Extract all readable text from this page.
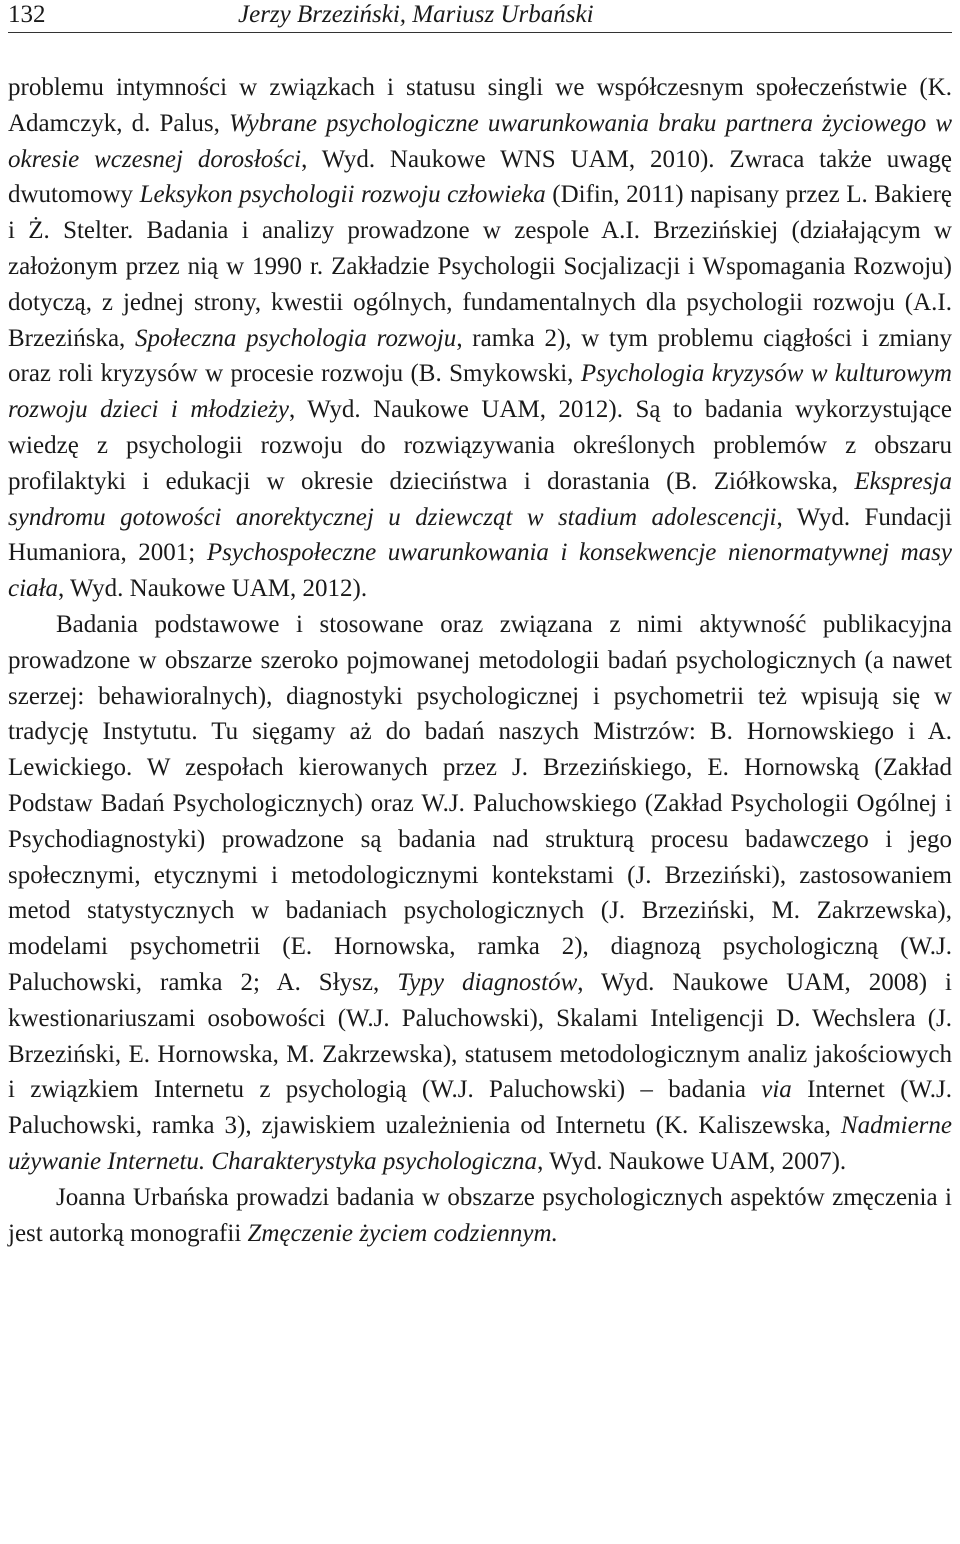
132	Jerzy Brzeziński, Mariusz Urbański

problemu intymności w związkach i statusu singli we współczesnym społeczeństwie (K. Adamczyk, d. Palus, Wybrane psychologiczne uwarunkowania braku partnera życiowego w okresie wczesnej dorosłości, Wyd. Naukowe WNS UAM, 2010). Zwraca także uwagę dwutomowy Leksykon psychologii rozwoju człowieka (Difin, 2011) napisany przez L. Bakierę i Ż. Stelter. Badania i analizy prowadzone w zespole A.I. Brzezińskiej (działającym w założonym przez nią w 1990 r. Zakładzie Psychologii Socjalizacji i Wspomagania Rozwoju) dotyczą, z jednej strony, kwestii ogólnych, fundamentalnych dla psychologii rozwoju (A.I. Brzezińska, Społeczna psychologia rozwoju, ramka 2), w tym problemu ciągłości i zmiany oraz roli kryzysów w procesie rozwoju (B. Smykowski, Psychologia kryzysów w kulturowym rozwoju dzieci i młodzieży, Wyd. Naukowe UAM, 2012). Są to badania wykorzystujące wiedzę z psychologii rozwoju do rozwiązywania określonych problemów z obszaru profilaktyki i edukacji w okresie dzieciństwa i dorastania (B. Ziółkowska, Ekspresja syndromu gotowości anorektycznej u dziewcząt w stadium adolescencji, Wyd. Fundacji Humaniora, 2001; Psychospołeczne uwarunkowania i konsekwencje nienormatywnej masy ciała, Wyd. Naukowe UAM, 2012).

Badania podstawowe i stosowane oraz związana z nimi aktywność publikacyjna prowadzone w obszarze szeroko pojmowanej metodologii badań psychologicznych (a nawet szerzej: behawioralnych), diagnostyki psychologicznej i psychometrii też wpisują się w tradycję Instytutu. Tu sięgamy aż do badań naszych Mistrzów: B. Hornowskiego i A. Lewickiego. W zespołach kierowanych przez J. Brzezińskiego, E. Hornowską (Zakład Podstaw Badań Psychologicznych) oraz W.J. Paluchowskiego (Zakład Psychologii Ogólnej i Psychodiagnostyki) prowadzone są badania nad strukturą procesu badawczego i jego społecznymi, etycznymi i metodologicznymi kontekstami (J. Brzeziński), zastosowaniem metod statystycznych w badaniach psychologicznych (J. Brzeziński, M. Zakrzewska), modelami psychometrii (E. Hornowska, ramka 2), diagnozą psychologiczną (W.J. Paluchowski, ramka 2; A. Słysz, Typy diagnostów, Wyd. Naukowe UAM, 2008) i kwestionariuszami osobowości (W.J. Paluchowski), Skalami Inteligencji D. Wechslera (J. Brzeziński, E. Hornowska, M. Zakrzewska), statusem metodologicznym analiz jakościowych i związkiem Internetu z psychologią (W.J. Paluchowski) – badania via Internet (W.J. Paluchowski, ramka 3), zjawiskiem uzależnienia od Internetu (K. Kaliszewska, Nadmierne używanie Internetu. Charakterystyka psychologiczna, Wyd. Naukowe UAM, 2007).

Joanna Urbańska prowadzi badania w obszarze psychologicznych aspektów zmęczenia i jest autorką monografii Zmęczenie życiem codziennym.
